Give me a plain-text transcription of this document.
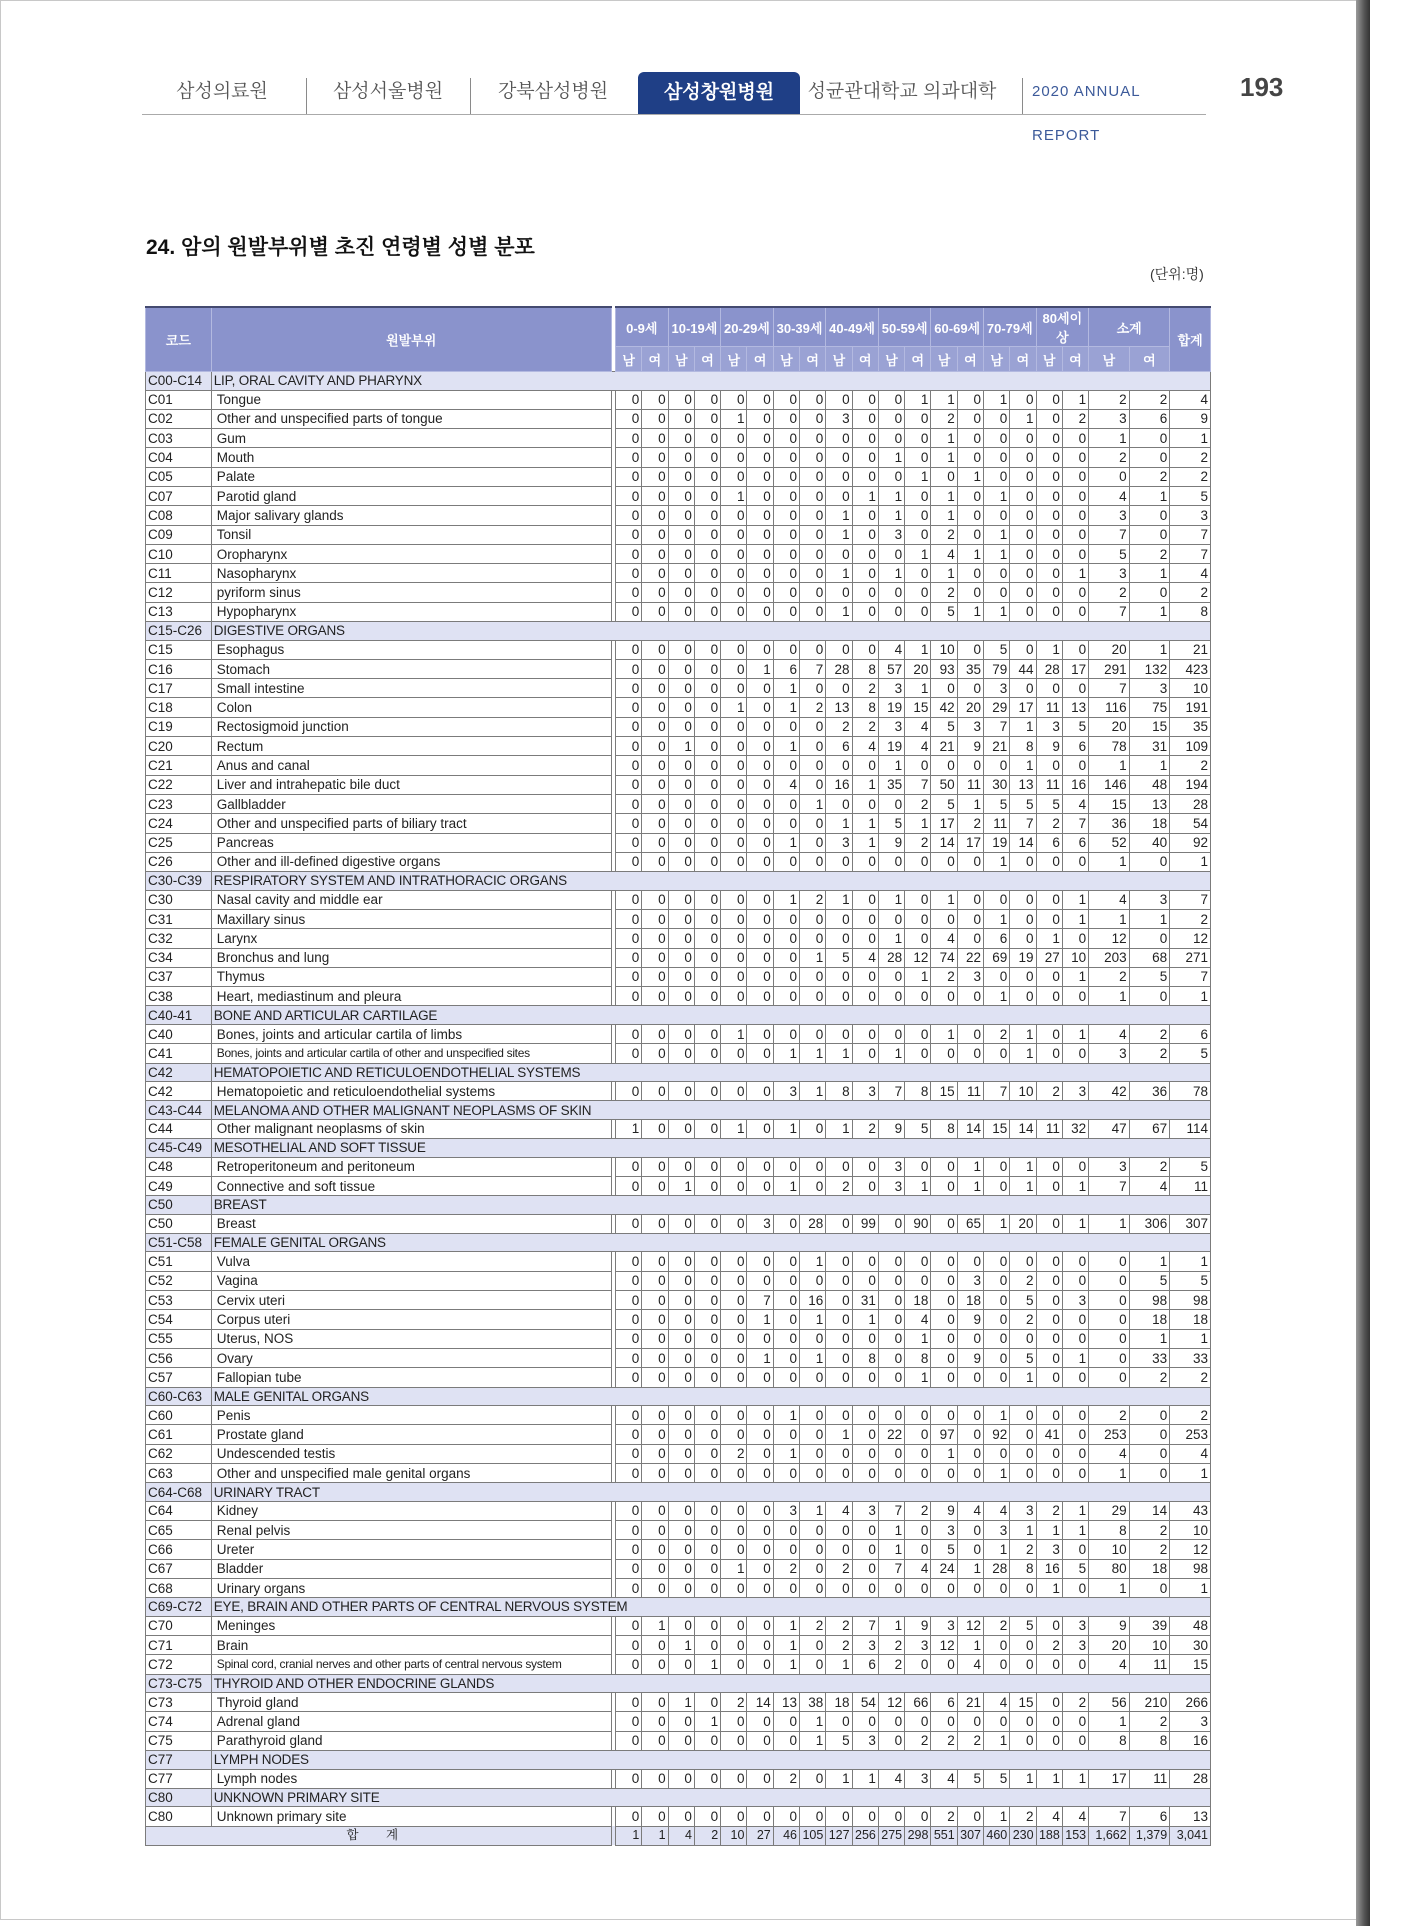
삼성의료원	삼성서울병원	강북삼성병원	삼성창원병원	성균관대학교 의과대학 2020 ANNUAL REPORT
193
24. 암의 원발부위별 초진 연령별 성별 분포
(단위:명)
코드	원발부위		0-9세		10-19세		20-29세		30-39세		40-49세		50-59세		60-69세		70-79세		80세이상		소계		합계
			남	여	남	여	남	여	남	여	남	여	남	여	남	여	남	여	남	여	남	여	
C00-C14	LIP, ORAL CAVITY AND PHARYNX																						
C01	Tongue		0	0	0	0	0	0	0	0	0	0	0	1	1	0	1	0	0	1	2	2	4
C02	Other and unspecified parts of tongue		0	0	0	0	1	0	0	0	3	0	0	0	2	0	0	1	0	2	3	6	9
C03	Gum		0	0	0	0	0	0	0	0	0	0	0	0	1	0	0	0	0	0	1	0	1
C04	Mouth		0	0	0	0	0	0	0	0	0	0	1	0	1	0	0	0	0	0	2	0	2
C05	Palate		0	0	0	0	0	0	0	0	0	0	0	1	0	1	0	0	0	0	0	2	2
C07	Parotid gland		0	0	0	0	1	0	0	0	0	1	1	0	1	0	1	0	0	0	4	1	5
C08	Major salivary glands		0	0	0	0	0	0	0	0	1	0	1	0	1	0	0	0	0	0	3	0	3
C09	Tonsil		0	0	0	0	0	0	0	0	1	0	3	0	2	0	1	0	0	0	7	0	7
C10	Oropharynx		0	0	0	0	0	0	0	0	0	0	0	1	4	1	1	0	0	0	5	2	7
C11	Nasopharynx		0	0	0	0	0	0	0	0	1	0	1	0	1	0	0	0	0	1	3	1	4
C12	pyriform sinus		0	0	0	0	0	0	0	0	0	0	0	0	2	0	0	0	0	0	2	0	2
C13	Hypopharynx		0	0	0	0	0	0	0	0	1	0	0	0	5	1	1	0	0	0	7	1	8
C15-C26	DIGESTIVE ORGANS																						
C15	Esophagus		0	0	0	0	0	0	0	0	0	0	4	1	10	0	5	0	1	0	20	1	21
C16	Stomach		0	0	0	0	0	1	6	7	28	8	57	20	93	35	79	44	28	17	291	132	423
C17	Small intestine		0	0	0	0	0	0	1	0	0	2	3	1	0	0	3	0	0	0	7	3	10
C18	Colon		0	0	0	0	1	0	1	2	13	8	19	15	42	20	29	17	11	13	116	75	191
C19	Rectosigmoid junction		0	0	0	0	0	0	0	0	2	2	3	4	5	3	7	1	3	5	20	15	35
C20	Rectum		0	0	1	0	0	0	1	0	6	4	19	4	21	9	21	8	9	6	78	31	109
C21	Anus and canal		0	0	0	0	0	0	0	0	0	0	1	0	0	0	0	1	0	0	1	1	2
C22	Liver and intrahepatic bile duct		0	0	0	0	0	0	4	0	16	1	35	7	50	11	30	13	11	16	146	48	194
C23	Gallbladder		0	0	0	0	0	0	0	1	0	0	0	2	5	1	5	5	5	4	15	13	28
C24	Other and unspecified parts of biliary tract		0	0	0	0	0	0	0	0	1	1	5	1	17	2	11	7	2	7	36	18	54
C25	Pancreas		0	0	0	0	0	0	1	0	3	1	9	2	14	17	19	14	6	6	52	40	92
C26	Other and ill-defined digestive organs		0	0	0	0	0	0	0	0	0	0	0	0	0	0	1	0	0	0	1	0	1
C30-C39	RESPIRATORY SYSTEM AND INTRATHORACIC ORGANS																						
C30	Nasal cavity and middle ear		0	0	0	0	0	0	1	2	1	0	1	0	1	0	0	0	0	1	4	3	7
C31	Maxillary sinus		0	0	0	0	0	0	0	0	0	0	0	0	0	0	1	0	0	1	1	1	2
C32	Larynx		0	0	0	0	0	0	0	0	0	0	1	0	4	0	6	0	1	0	12	0	12
C34	Bronchus and lung		0	0	0	0	0	0	0	1	5	4	28	12	74	22	69	19	27	10	203	68	271
C37	Thymus		0	0	0	0	0	0	0	0	0	0	0	1	2	3	0	0	0	1	2	5	7
C38	Heart, mediastinum and pleura		0	0	0	0	0	0	0	0	0	0	0	0	0	0	1	0	0	0	1	0	1
C40-41	BONE AND ARTICULAR CARTILAGE																						
C40	Bones, joints and articular cartila of limbs		0	0	0	0	1	0	0	0	0	0	0	0	1	0	2	1	0	1	4	2	6
C41	Bones, joints and articular cartila of other and unspecified sites		0	0	0	0	0	0	1	1	1	0	1	0	0	0	0	1	0	0	3	2	5
C42	HEMATOPOIETIC AND RETICULOENDOTHELIAL SYSTEMS																						
C42	Hematopoietic and reticuloendothelial systems		0	0	0	0	0	0	3	1	8	3	7	8	15	11	7	10	2	3	42	36	78
C43-C44	MELANOMA AND OTHER MALIGNANT NEOPLASMS OF SKIN																						
C44	Other malignant neoplasms of skin		1	0	0	0	1	0	1	0	1	2	9	5	8	14	15	14	11	32	47	67	114
C45-C49	MESOTHELIAL AND SOFT TISSUE																						
C48	Retroperitoneum and peritoneum		0	0	0	0	0	0	0	0	0	0	3	0	0	1	0	1	0	0	3	2	5
C49	Connective and soft tissue		0	0	1	0	0	0	1	0	2	0	3	1	0	1	0	1	0	1	7	4	11
C50	BREAST																						
C50	Breast		0	0	0	0	0	3	0	28	0	99	0	90	0	65	1	20	0	1	1	306	307
C51-C58	FEMALE GENITAL ORGANS																						
C51	Vulva		0	0	0	0	0	0	0	1	0	0	0	0	0	0	0	0	0	0	0	1	1
C52	Vagina		0	0	0	0	0	0	0	0	0	0	0	0	0	3	0	2	0	0	0	5	5
C53	Cervix uteri		0	0	0	0	0	7	0	16	0	31	0	18	0	18	0	5	0	3	0	98	98
C54	Corpus uteri		0	0	0	0	0	1	0	1	0	1	0	4	0	9	0	2	0	0	0	18	18
C55	Uterus, NOS		0	0	0	0	0	0	0	0	0	0	0	1	0	0	0	0	0	0	0	1	1
C56	Ovary		0	0	0	0	0	1	0	1	0	8	0	8	0	9	0	5	0	1	0	33	33
C57	Fallopian tube		0	0	0	0	0	0	0	0	0	0	0	1	0	0	0	1	0	0	0	2	2
C60-C63	MALE GENITAL ORGANS																						
C60	Penis		0	0	0	0	0	0	1	0	0	0	0	0	0	0	1	0	0	0	2	0	2
C61	Prostate gland		0	0	0	0	0	0	0	0	1	0	22	0	97	0	92	0	41	0	253	0	253
C62	Undescended testis		0	0	0	0	2	0	1	0	0	0	0	0	1	0	0	0	0	0	4	0	4
C63	Other and unspecified male genital organs		0	0	0	0	0	0	0	0	0	0	0	0	0	0	1	0	0	0	1	0	1
C64-C68	URINARY TRACT																						
C64	Kidney		0	0	0	0	0	0	3	1	4	3	7	2	9	4	4	3	2	1	29	14	43
C65	Renal pelvis		0	0	0	0	0	0	0	0	0	0	1	0	3	0	3	1	1	1	8	2	10
C66	Ureter		0	0	0	0	0	0	0	0	0	0	1	0	5	0	1	2	3	0	10	2	12
C67	Bladder		0	0	0	0	1	0	2	0	2	0	7	4	24	1	28	8	16	5	80	18	98
C68	Urinary organs		0	0	0	0	0	0	0	0	0	0	0	0	0	0	0	0	1	0	1	0	1
C69-C72	EYE, BRAIN AND OTHER PARTS OF CENTRAL NERVOUS SYSTEM																						
C70	Meninges		0	1	0	0	0	0	1	2	2	7	1	9	3	12	2	5	0	3	9	39	48
C71	Brain		0	0	1	0	0	0	1	0	2	3	2	3	12	1	0	0	2	3	20	10	30
C72	Spinal cord, cranial nerves and other parts of central nervous system		0	0	0	1	0	0	1	0	1	6	2	0	0	4	0	0	0	0	4	11	15
C73-C75	THYROID AND OTHER ENDOCRINE GLANDS																						
C73	Thyroid gland		0	0	1	0	2	14	13	38	18	54	12	66	6	21	4	15	0	2	56	210	266
C74	Adrenal gland		0	0	0	1	0	0	0	1	0	0	0	0	0	0	0	0	0	0	1	2	3
C75	Parathyroid gland		0	0	0	0	0	0	0	1	5	3	0	2	2	2	1	0	0	0	8	8	16
C77	LYMPH NODES																						
C77	Lymph nodes		0	0	0	0	0	0	2	0	1	1	4	3	4	5	5	1	1	1	17	11	28
C80	UNKNOWN PRIMARY SITE																						
C80	Unknown primary site		0	0	0	0	0	0	0	0	0	0	0	0	2	0	1	2	4	4	7	6	13
합 계			1	1	4	2	10	27	46	105	127	256	275	298	551	307	460	230	188	153	1,662	1,379	3,041
